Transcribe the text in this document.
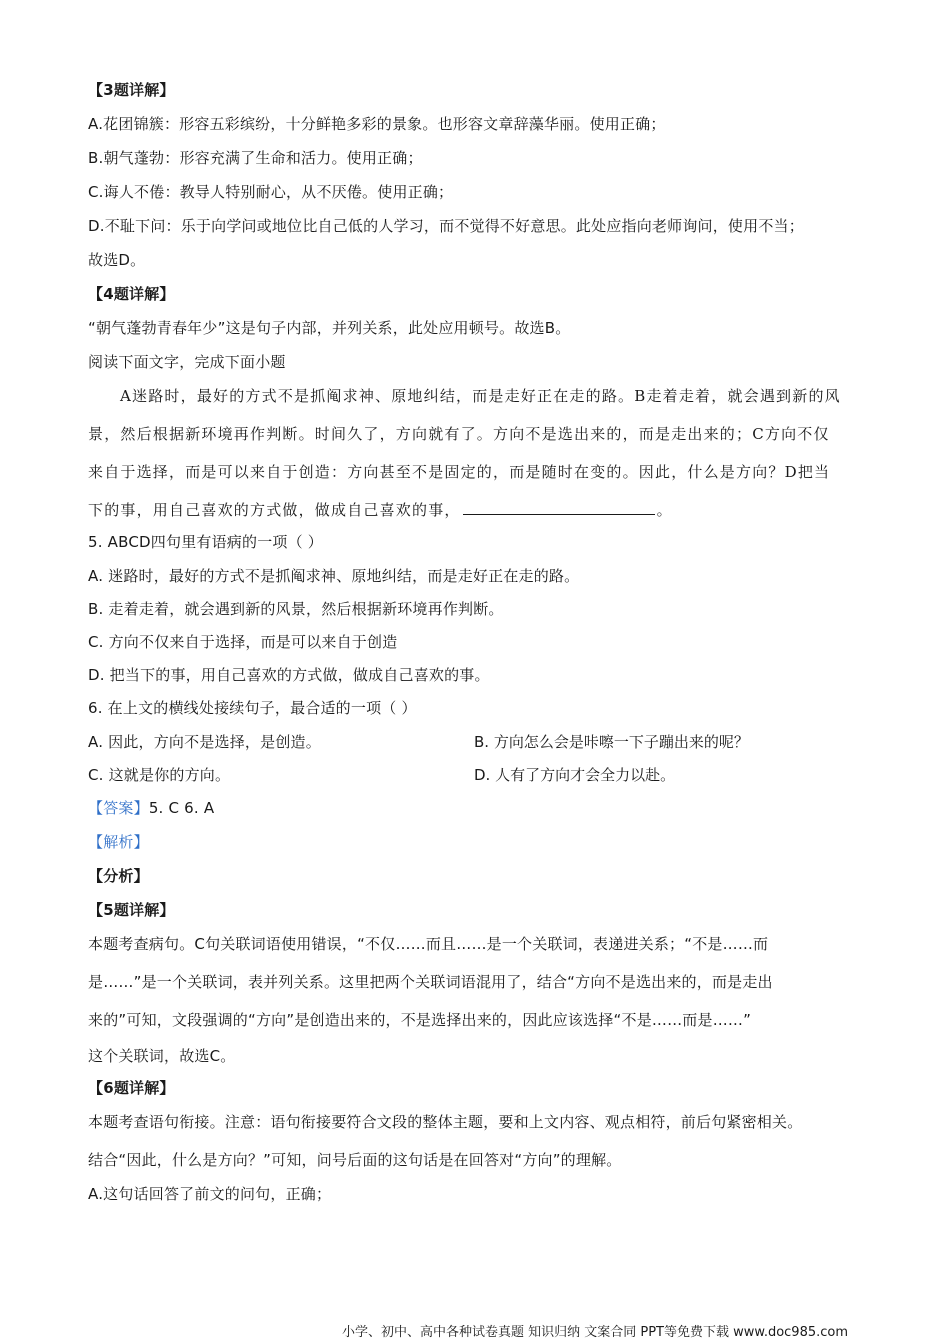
【3题详解】
A.花团锦簇：形容五彩缤纷，十分鲜艳多彩的景象。也形容文章辞藻华丽。使用正确；
B.朝气蓬勃：形容充满了生命和活力。使用正确；
C.诲人不倦：教导人特别耐心，从不厌倦。使用正确；
D.不耻下问：乐于向学问或地位比自己低的人学习，而不觉得不好意思。此处应指向老师询问，使用不当；
故选D。
【4题详解】
“朝气蓬勃青春年少”这是句子内部，并列关系，此处应用顿号。故选B。
阅读下面文字，完成下面小题
A迷路时，最好的方式不是抓阄求神、原地纠结，而是走好正在走的路。B走着走着，就会遇到新的风
景，然后根据新环境再作判断。时间久了，方向就有了。方向不是选出来的，而是走出来的；C方向不仅
来自于选择，而是可以来自于创造：方向甚至不是固定的，而是随时在变的。因此，什么是方向？D把当
下的事，用自己喜欢的方式做，做成自己喜欢的事，	。
5. ABCD四句里有语病的一项（ ）
A. 迷路时，最好的方式不是抓阄求神、原地纠结，而是走好正在走的路。
B. 走着走着，就会遇到新的风景，然后根据新环境再作判断。
C. 方向不仅来自于选择，而是可以来自于创造
D. 把当下的事，用自己喜欢的方式做，做成自己喜欢的事。
6. 在上文的横线处接续句子，最合适的一项（ ）
A. 因此，方向不是选择，是创造。	B. 方向怎么会是咔嚓一下子蹦出来的呢？
C. 这就是你的方向。	D. 人有了方向才会全力以赴。
【答案】5. C 6. A
【解析】
【分析】
【5题详解】
本题考查病句。C句关联词语使用错误，“不仅……而且……是一个关联词，表递进关系；“不是……而
是……”是一个关联词，表并列关系。这里把两个关联词语混用了，结合“方向不是选出来的，而是走出
来的”可知，文段强调的“方向”是创造出来的，不是选择出来的，因此应该选择“不是……而是……”
这个关联词，故选C。
【6题详解】
本题考查语句衔接。注意：语句衔接要符合文段的整体主题，要和上文内容、观点相符，前后句紧密相关。
结合“因此，什么是方向？”可知，问号后面的这句话是在回答对“方向”的理解。
A.这句话回答了前文的问句，正确；
小学、初中、高中各种试卷真题 知识归纳 文案合同 PPT等免费下载 www.doc985.com
